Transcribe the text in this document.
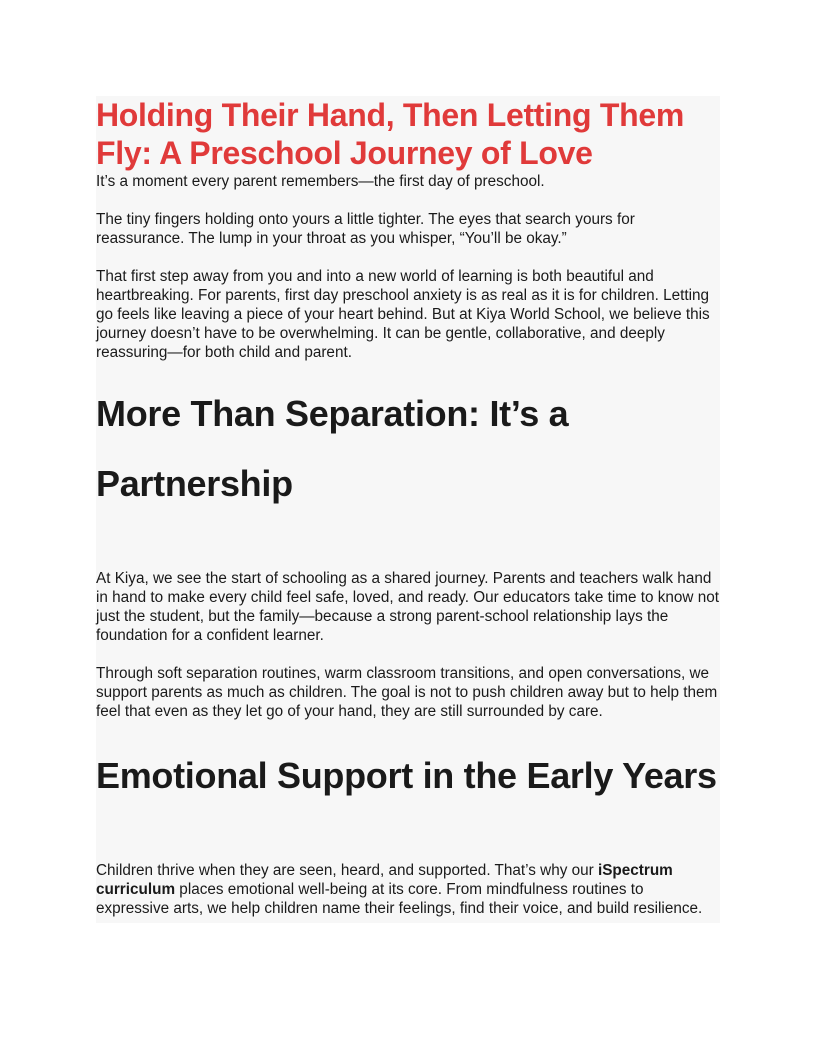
Holding Their Hand, Then Letting Them Fly: A Preschool Journey of Love

It’s a moment every parent remembers—the first day of preschool.

The tiny fingers holding onto yours a little tighter. The eyes that search yours for reassurance. The lump in your throat as you whisper, “You’ll be okay.”

That first step away from you and into a new world of learning is both beautiful and heartbreaking. For parents, first day preschool anxiety is as real as it is for children. Letting go feels like leaving a piece of your heart behind. But at Kiya World School, we believe this journey doesn’t have to be overwhelming. It can be gentle, collaborative, and deeply reassuring—for both child and parent.

More Than Separation: It’s a Partnership

At Kiya, we see the start of schooling as a shared journey. Parents and teachers walk hand in hand to make every child feel safe, loved, and ready. Our educators take time to know not just the student, but the family—because a strong parent-school relationship lays the foundation for a confident learner.

Through soft separation routines, warm classroom transitions, and open conversations, we support parents as much as children. The goal is not to push children away but to help them feel that even as they let go of your hand, they are still surrounded by care.

Emotional Support in the Early Years

Children thrive when they are seen, heard, and supported. That’s why our iSpectrum curriculum places emotional well-being at its core. From mindfulness routines to expressive arts, we help children name their feelings, find their voice, and build resilience.
